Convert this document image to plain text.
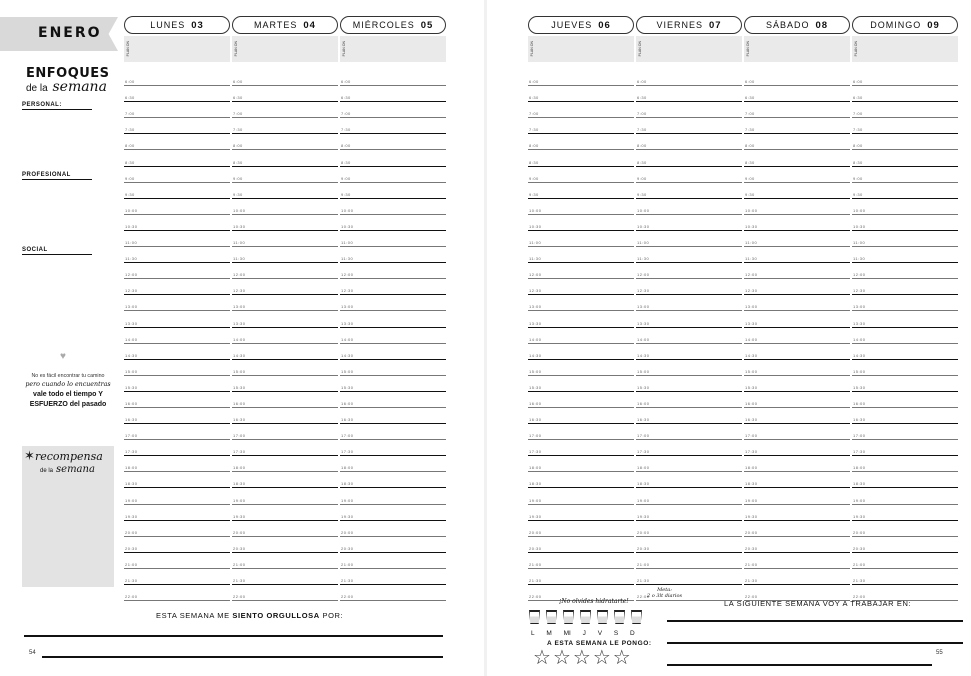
ENERO
ENFOQUES
de la semana
PERSONAL:
PROFESIONAL
SOCIAL
♥
No es fácil encontrar tu camino
pero cuando lo encuentras
vale todo el tiempo Y
ESFUERZO del pasado
✶ recompensa
de la semana
LUNES 03
PLAN ON
6:00
6:30
7:00
7:30
8:00
8:30
9:00
9:30
10:00
10:30
11:00
11:30
12:00
12:30
13:00
13:30
14:00
14:30
15:00
15:30
16:00
16:30
17:00
17:30
18:00
18:30
19:00
19:30
20:00
20:30
21:00
21:30
22:00
MARTES 04
PLAN ON
6:00
6:30
7:00
7:30
8:00
8:30
9:00
9:30
10:00
10:30
11:00
11:30
12:00
12:30
13:00
13:30
14:00
14:30
15:00
15:30
16:00
16:30
17:00
17:30
18:00
18:30
19:00
19:30
20:00
20:30
21:00
21:30
22:00
MIÉRCOLES 05
PLAN ON
6:00
6:30
7:00
7:30
8:00
8:30
9:00
9:30
10:00
10:30
11:00
11:30
12:00
12:30
13:00
13:30
14:00
14:30
15:00
15:30
16:00
16:30
17:00
17:30
18:00
18:30
19:00
19:30
20:00
20:30
21:00
21:30
22:00
ESTA SEMANA ME SIENTO ORGULLOSA POR:
54
JUEVES 06
PLAN ON
6:00
6:30
7:00
7:30
8:00
8:30
9:00
9:30
10:00
10:30
11:00
11:30
12:00
12:30
13:00
13:30
14:00
14:30
15:00
15:30
16:00
16:30
17:00
17:30
18:00
18:30
19:00
19:30
20:00
20:30
21:00
21:30
22:00
VIERNES 07
PLAN ON
6:00
6:30
7:00
7:30
8:00
8:30
9:00
9:30
10:00
10:30
11:00
11:30
12:00
12:30
13:00
13:30
14:00
14:30
15:00
15:30
16:00
16:30
17:00
17:30
18:00
18:30
19:00
19:30
20:00
20:30
21:00
21:30
22:00
SÁBADO 08
PLAN ON
6:00
6:30
7:00
7:30
8:00
8:30
9:00
9:30
10:00
10:30
11:00
11:30
12:00
12:30
13:00
13:30
14:00
14:30
15:00
15:30
16:00
16:30
17:00
17:30
18:00
18:30
19:00
19:30
20:00
20:30
21:00
21:30
22:00
DOMINGO 09
PLAN ON
6:00
6:30
7:00
7:30
8:00
8:30
9:00
9:30
10:00
10:30
11:00
11:30
12:00
12:30
13:00
13:30
14:00
14:30
15:00
15:30
16:00
16:30
17:00
17:30
18:00
18:30
19:00
19:30
20:00
20:30
21:00
21:30
22:00
¡No olvides hidratarte!
Meta:
2 o 3lt diarios
L M MI J V S D
A ESTA SEMANA LE PONGO:
☆ ☆ ☆ ☆ ☆
LA SIGUIENTE SEMANA VOY A TRABAJAR EN:
55
